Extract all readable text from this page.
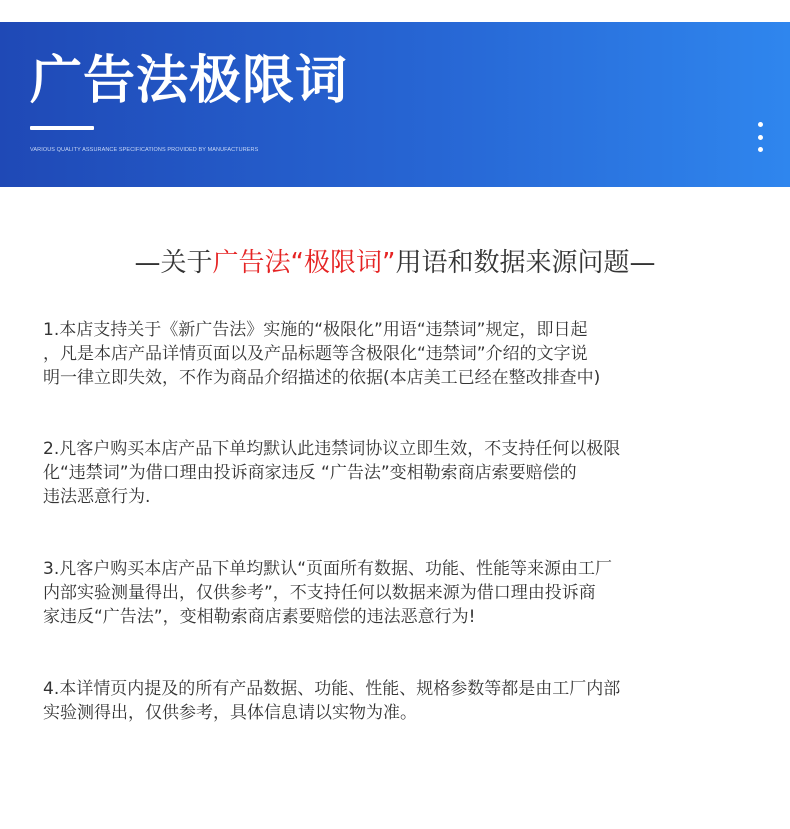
广告法极限词
VARIOUS QUALITY ASSURANCE SPECIFICATIONS PROVIDED BY MANUFACTURERS
—关于广告法“极限词”用语和数据来源问题—
1.本店支持关于《新广告法》实施的“极限化”用语“违禁词”规定，即日起
，凡是本店产品详情页面以及产品标题等含极限化“违禁词”介绍的文字说
明一律立即失效，不作为商品介绍描述的依据(本店美工已经在整改排查中)
2.凡客户购买本店产品下单均默认此违禁词协议立即生效，不支持任何以极限
化“违禁词”为借口理由投诉商家违反 “广告法”变相勒索商店索要赔偿的
违法恶意行为.
3.凡客户购买本店产品下单均默认“页面所有数据、功能、性能等来源由工厂
内部实验测量得出，仅供参考”，不支持任何以数据来源为借口理由投诉商
家违反“广告法”，变相勒索商店素要赔偿的违法恶意行为!
4.本详情页内提及的所有产品数据、功能、性能、规格参数等都是由工厂内部
实验测得出，仅供参考，具体信息请以实物为准。
